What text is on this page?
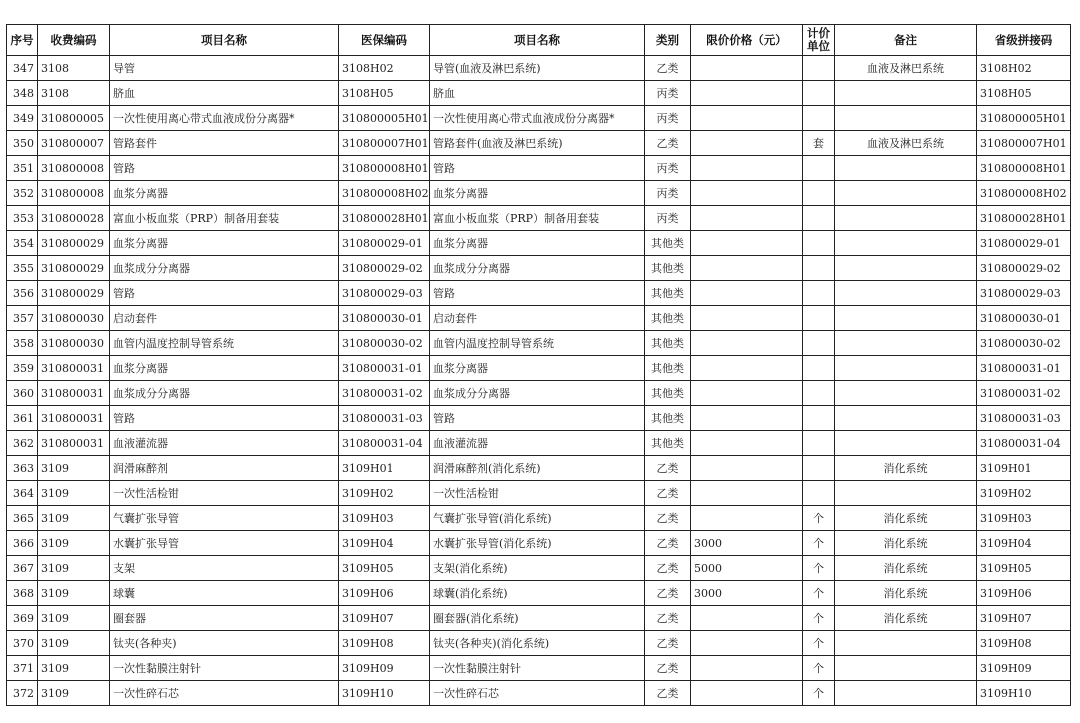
序号	收费编码	项目名称	医保编码	项目名称	类别	限价价格（元）	计价单位	备注	省级拼接码
347	3108	导管	3108H02	导管(血液及淋巴系统)	乙类			血液及淋巴系统	3108H02
348	3108	脐血	3108H05	脐血	丙类				3108H05
349	310800005	一次性使用离心带式血液成份分离器*	310800005H01	一次性使用离心带式血液成份分离器*	丙类				310800005H01
350	310800007	管路套件	310800007H01	管路套件(血液及淋巴系统)	乙类		套	血液及淋巴系统	310800007H01
351	310800008	管路	310800008H01	管路	丙类				310800008H01
352	310800008	血浆分离器	310800008H02	血浆分离器	丙类				310800008H02
353	310800028	富血小板血浆（PRP）制备用套装	310800028H01	富血小板血浆（PRP）制备用套装	丙类				310800028H01
354	310800029	血浆分离器	310800029-01	血浆分离器	其他类				310800029-01
355	310800029	血浆成分分离器	310800029-02	血浆成分分离器	其他类				310800029-02
356	310800029	管路	310800029-03	管路	其他类				310800029-03
357	310800030	启动套件	310800030-01	启动套件	其他类				310800030-01
358	310800030	血管内温度控制导管系统	310800030-02	血管内温度控制导管系统	其他类				310800030-02
359	310800031	血浆分离器	310800031-01	血浆分离器	其他类				310800031-01
360	310800031	血浆成分分离器	310800031-02	血浆成分分离器	其他类				310800031-02
361	310800031	管路	310800031-03	管路	其他类				310800031-03
362	310800031	血液灌流器	310800031-04	血液灌流器	其他类				310800031-04
363	3109	润滑麻醉剂	3109H01	润滑麻醉剂(消化系统)	乙类			消化系统	3109H01
364	3109	一次性活检钳	3109H02	一次性活检钳	乙类				3109H02
365	3109	气囊扩张导管	3109H03	气囊扩张导管(消化系统)	乙类		个	消化系统	3109H03
366	3109	水囊扩张导管	3109H04	水囊扩张导管(消化系统)	乙类	3000	个	消化系统	3109H04
367	3109	支架	3109H05	支架(消化系统)	乙类	5000	个	消化系统	3109H05
368	3109	球囊	3109H06	球囊(消化系统)	乙类	3000	个	消化系统	3109H06
369	3109	圈套器	3109H07	圈套器(消化系统)	乙类		个	消化系统	3109H07
370	3109	钛夹(各种夹)	3109H08	钛夹(各种夹)(消化系统)	乙类		个		3109H08
371	3109	一次性黏膜注射针	3109H09	一次性黏膜注射针	乙类		个		3109H09
372	3109	一次性碎石芯	3109H10	一次性碎石芯	乙类		个		3109H10
